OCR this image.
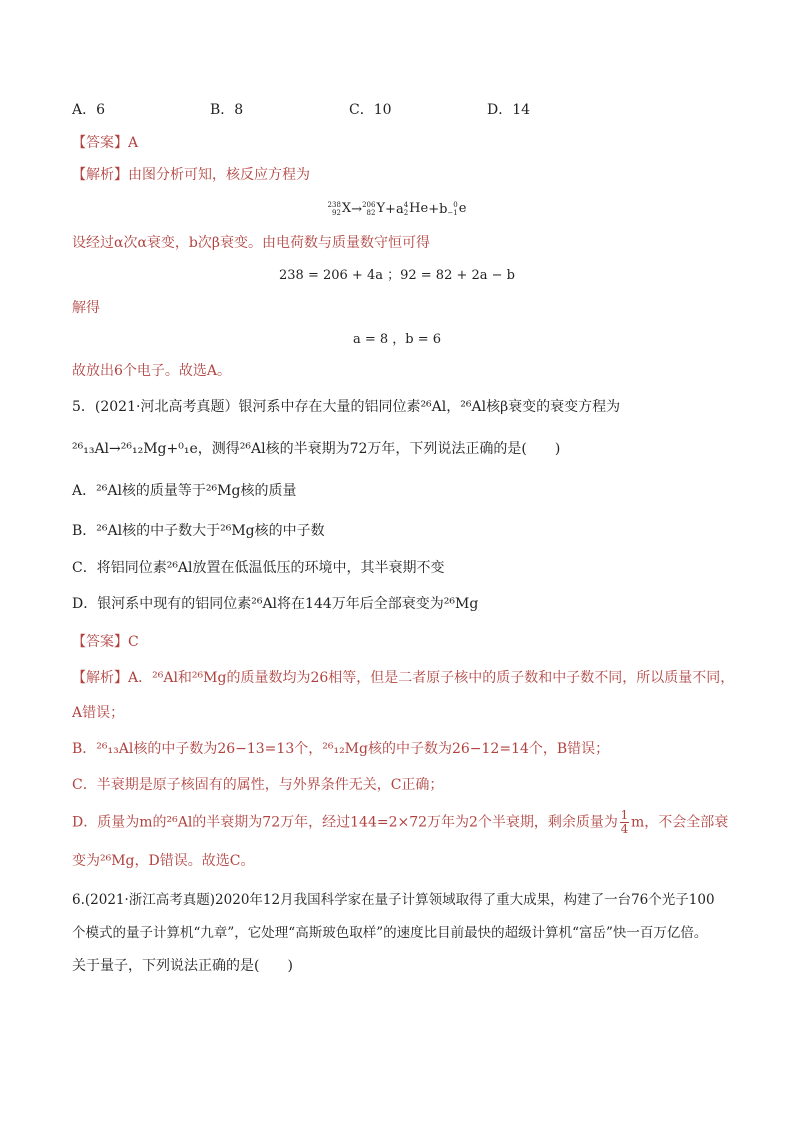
A．6	B．8	C．10	D．14
【答案】A
【解析】由图分析可知，核反应方程为
238
92 X→ 206
82 Y+a 4
2 He+b 0
−1 e
设经过α次α衰变，b次β衰变。由电荷数与质量数守恒可得
238 = 206 + 4a ；92 = 82 + 2a − b
解得
a = 8 ，b = 6
故放出6个电子。故选A。
5．(2021·河北高考真题）银河系中存在大量的铝同位素²⁶Al，²⁶Al核β衰变的衰变方程为
²⁶₁₃Al→²⁶₁₂Mg+⁰₁e，测得²⁶Al核的半衰期为72万年，下列说法正确的是(　　)
A．²⁶Al核的质量等于²⁶Mg核的质量
B．²⁶Al核的中子数大于²⁶Mg核的中子数
C．将铝同位素²⁶Al放置在低温低压的环境中，其半衰期不变
D．银河系中现有的铝同位素²⁶Al将在144万年后全部衰变为²⁶Mg
【答案】C
【解析】A．²⁶Al和²⁶Mg的质量数均为26相等，但是二者原子核中的质子数和中子数不同，所以质量不同，
A错误；
B．²⁶₁₃Al核的中子数为26−13=13个，²⁶₁₂Mg核的中子数为26−12=14个，B错误；
C．半衰期是原子核固有的属性，与外界条件无关，C正确；
D．质量为m的²⁶Al的半衰期为72万年，经过144=2×72万年为2个半衰期，剩余质量为 $\frac{1}{4}$ m，不会全部衰
变为²⁶Mg，D错误。故选C。
6.(2021·浙江高考真题)2020年12月我国科学家在量子计算领域取得了重大成果，构建了一台76个光子100
个模式的量子计算机“九章”，它处理“高斯玻色取样”的速度比目前最快的超级计算机“富岳”快一百万亿倍。
关于量子，下列说法正确的是(　　)
